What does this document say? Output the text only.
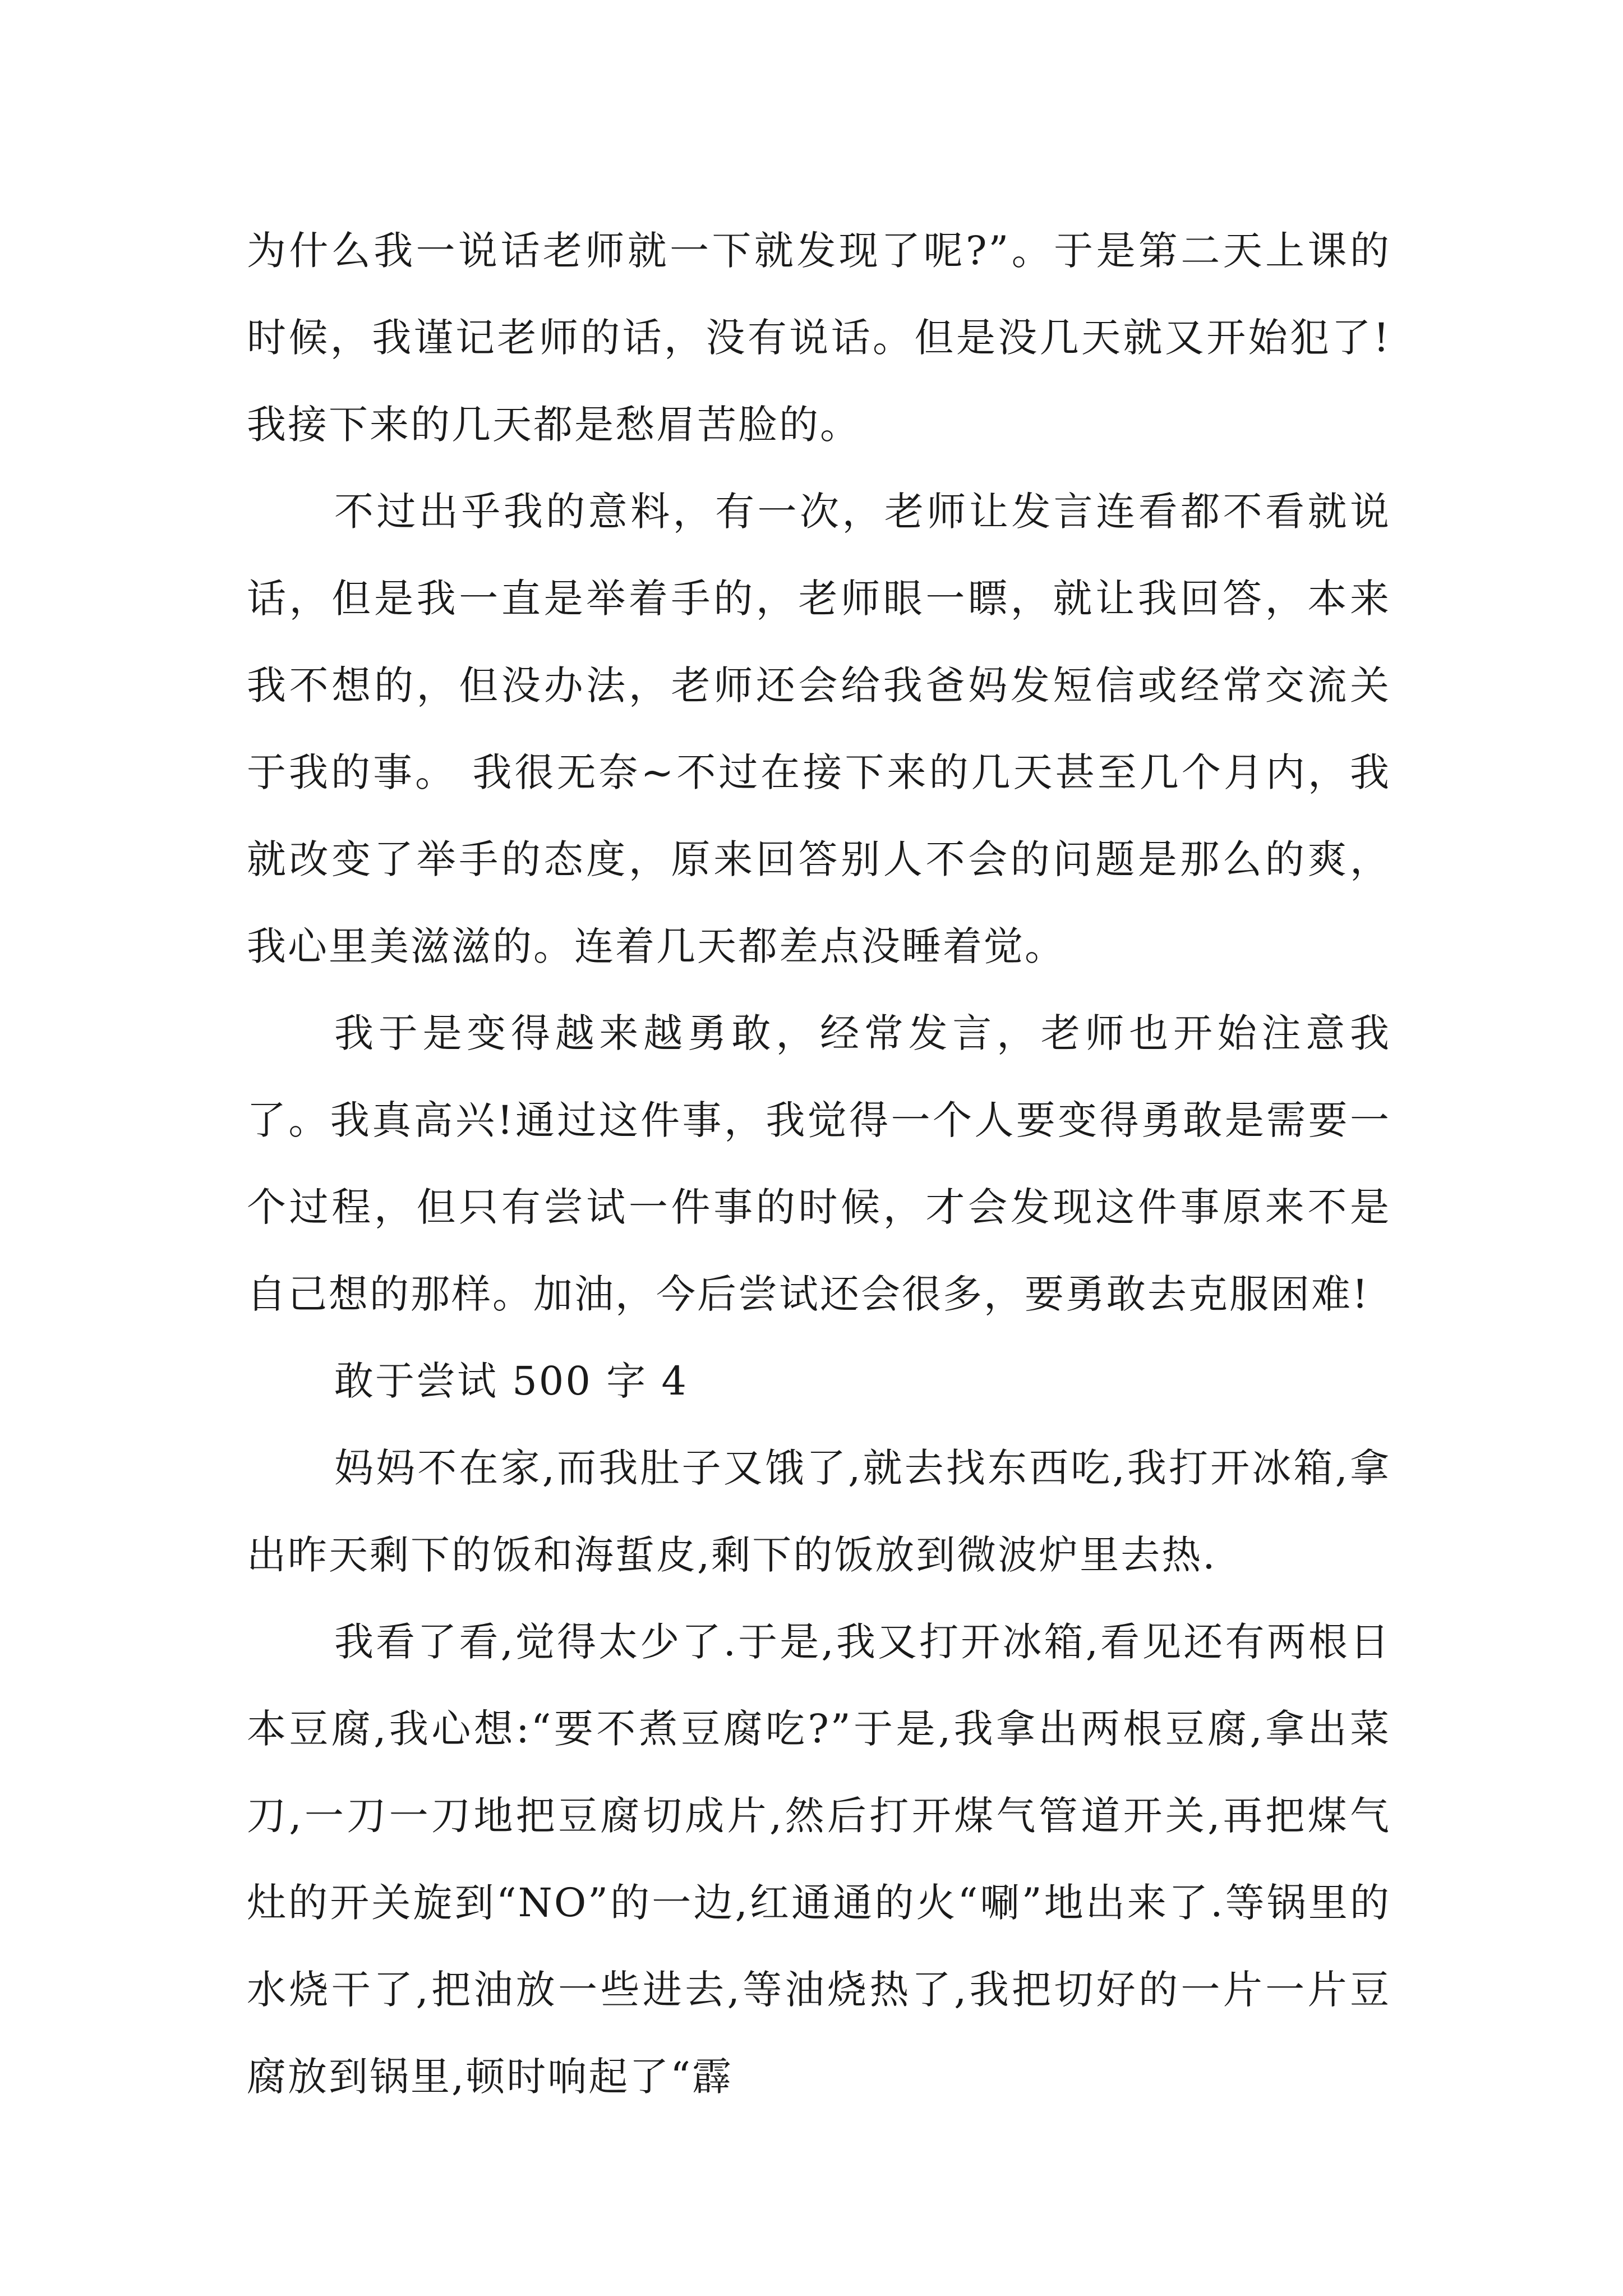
为什么我一说话老师就一下就发现了呢?”。于是第二天上课的时候，我谨记老师的话，没有说话。但是没几天就又开始犯了!我接下来的几天都是愁眉苦脸的。

不过出乎我的意料，有一次，老师让发言连看都不看就说话，但是我一直是举着手的，老师眼一瞟，就让我回答，本来我不想的，但没办法，老师还会给我爸妈发短信或经常交流关于我的事。 我很无奈~不过在接下来的几天甚至几个月内，我就改变了举手的态度，原来回答别人不会的问题是那么的爽，我心里美滋滋的。连着几天都差点没睡着觉。

我于是变得越来越勇敢，经常发言，老师也开始注意我了。我真高兴!通过这件事，我觉得一个人要变得勇敢是需要一个过程，但只有尝试一件事的时候，才会发现这件事原来不是自己想的那样。加油，今后尝试还会很多，要勇敢去克服困难!

敢于尝试 500 字 4

妈妈不在家,而我肚子又饿了,就去找东西吃,我打开冰箱,拿出昨天剩下的饭和海蜇皮,剩下的饭放到微波炉里去热.

我看了看,觉得太少了.于是,我又打开冰箱,看见还有两根日本豆腐,我心想:“要不煮豆腐吃?”于是,我拿出两根豆腐,拿出菜刀,一刀一刀地把豆腐切成片,然后打开煤气管道开关,再把煤气灶的开关旋到“NO”的一边,红通通的火“唰”地出来了.等锅里的水烧干了,把油放一些进去,等油烧热了,我把切好的一片一片豆腐放到锅里,顿时响起了“霹
